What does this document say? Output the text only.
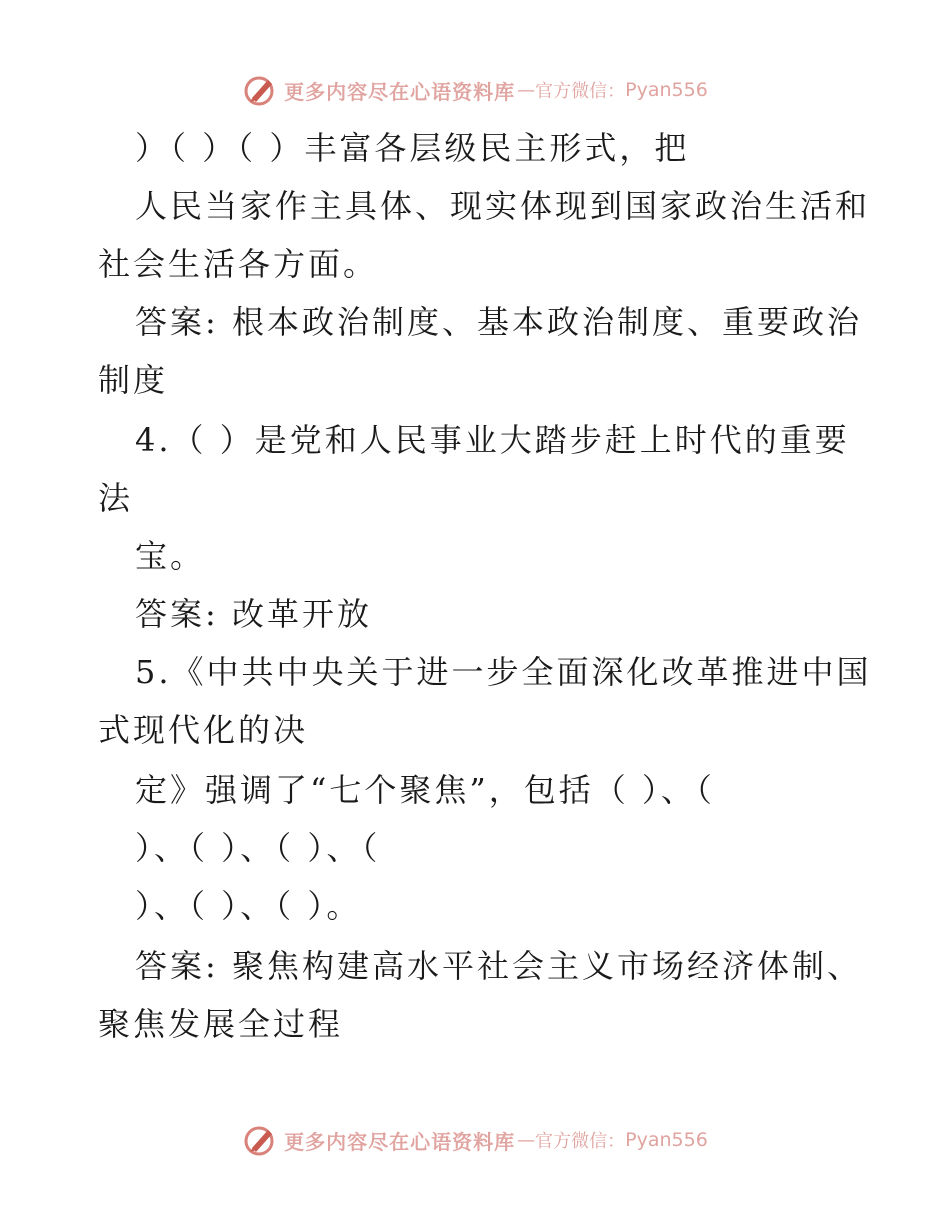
更多内容尽在心语资料库 — 官方微信： Pyan556
）（ ）（ ）丰富各层级民主形式，把
人民当家作主具体、现实体现到国家政治生活和
社会生活各方面。
答案: 根本政治制度、基本政治制度、重要政治
制度
4.（ ）是党和人民事业大踏步赶上时代的重要
法
宝。
答案: 改革开放
5.《中共中央关于进一步全面深化改革推进中国
式现代化的决
定》强调了“七个聚焦”，包括（ ）、（
）、（ ）、（ ）、（
）、（ ）、（ ）。
答案: 聚焦构建高水平社会主义市场经济体制、
聚焦发展全过程
更多内容尽在心语资料库 — 官方微信： Pyan556
